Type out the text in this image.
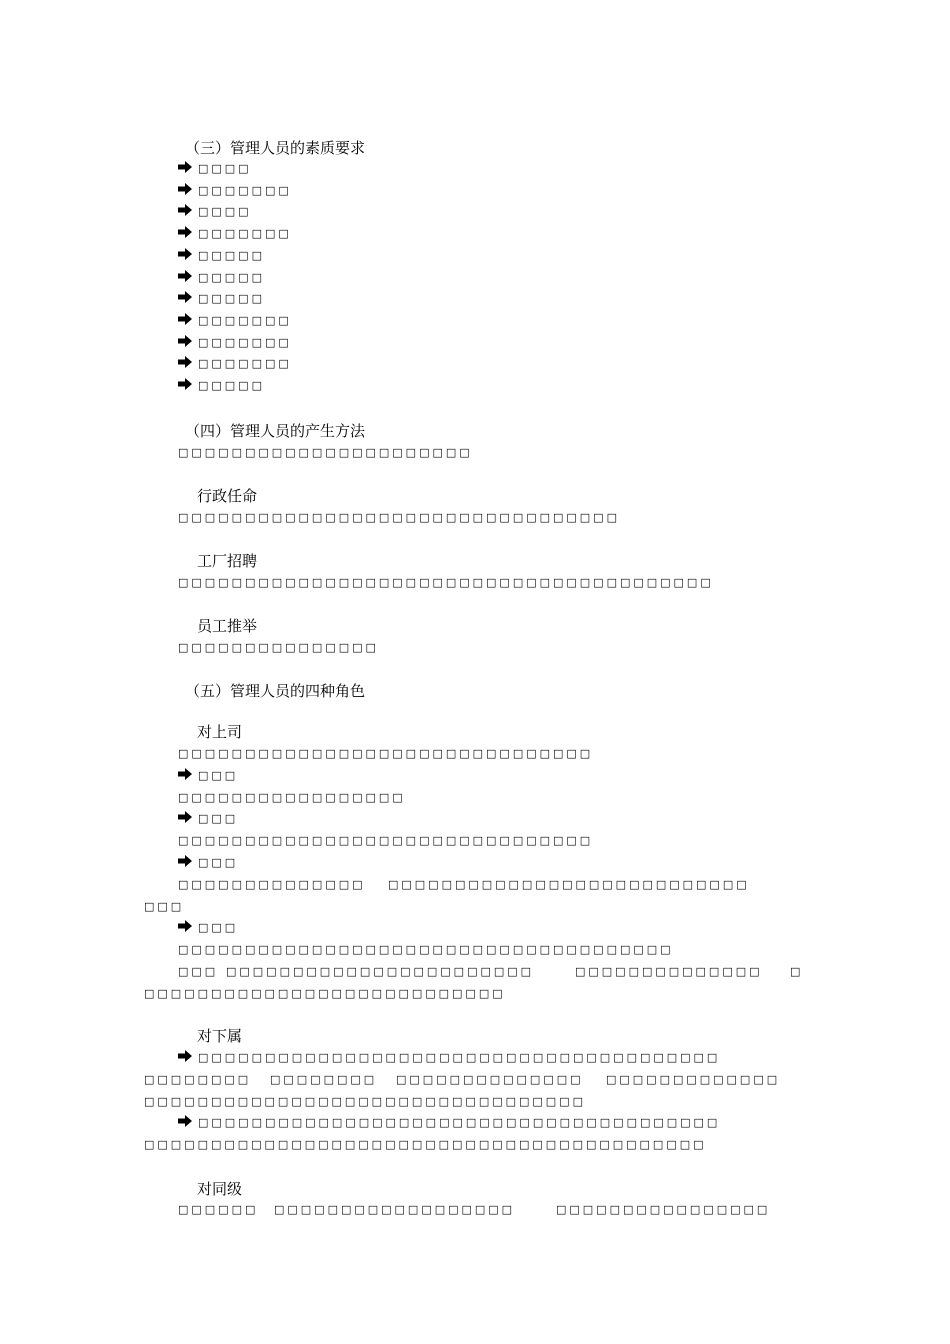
（三）管理人员的素质要求
□□□□
□□□□□□□
□□□□
□□□□□□□
□□□□□
□□□□□
□□□□□
□□□□□□□
□□□□□□□
□□□□□□□
□□□□□
（四）管理人员的产生方法
□□□□□□□□□□□□□□□□□□□□□□
行政任命
□□□□□□□□□□□□□□□□□□□□□□□□□□□□□□□□□
工厂招聘
□□□□□□□□□□□□□□□□□□□□□□□□□□□□□□□□□□□□□□□□
员工推举
□□□□□□□□□□□□□□□
（五）管理人员的四种角色
对上司
□□□□□□□□□□□□□□□□□□□□□□□□□□□□□□□
□□□
□□□□□□□□□□□□□□□□□
□□□
□□□□□□□□□□□□□□□□□□□□□□□□□□□□□□□
□□□
□□□□□□□□□□□□□□ □□□□□□□□□□□□□□□□□□□□□□□□□□□
□□□
□□□
□□□□□□□□□□□□□□□□□□□□□□□□□□□□□□□□□□□□□
□□□ □□□□□□□□□□□□□□□□□□□□□□□	□□□□□□□□□□□□□□ □
□□□□□□□□□□□□□□□□□□□□□□□□□□□
对下属
□□□□□□□□□□□□□□□□□□□□□□□□□□□□□□□□□□□□□□□
□□□□□□□□ □□□□□□□□ □□□□□□□□□□□□□□ □□□□□□□□□□□□□
□□□□□□□□□□□□□□□□□□□□□□□□□□□□□□□□□
□□□□□□□□□□□□□□□□□□□□□□□□□□□□□□□□□□□□□□□
□□□□□□□□□□□□□□□□□□□□□□□□□□□□□□□□□□□□□□□□□□
对同级
□□□□□□ □□□□□□□□□□□□□□□□□□	□□□□□□□□□□□□□□□□
